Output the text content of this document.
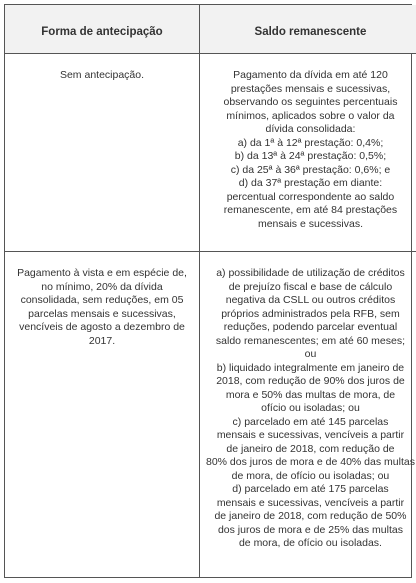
Forma de antecipação	Saldo remanescente
Sem antecipação.	Pagamento da dívida em até 120
prestações mensais e sucessivas,
observando os seguintes percentuais
mínimos, aplicados sobre o valor da
dívida consolidada:
a) da 1ª à 12ª prestação: 0,4%;
b) da 13ª à 24ª prestação: 0,5%;
c) da 25ª à 36ª prestação: 0,6%; e
d) da 37ª prestação em diante:
percentual correspondente ao saldo
remanescente, em até 84 prestações
mensais e sucessivas.
Pagamento à vista e em espécie de,
no mínimo, 20% da dívida
consolidada, sem reduções, em 05
parcelas mensais e sucessivas,
vencíveis de agosto a dezembro de
2017.
a) possibilidade de utilização de créditos
de prejuízo fiscal e base de cálculo
negativa da CSLL ou outros créditos
próprios administrados pela RFB, sem
reduções, podendo parcelar eventual
saldo remanescentes; em até 60 meses;
ou
b) liquidado integralmente em janeiro de
2018, com redução de 90% dos juros de
mora e 50% das multas de mora, de
ofício ou isoladas; ou
c) parcelado em até 145 parcelas
mensais e sucessivas, vencíveis a partir
de janeiro de 2018, com redução de
80% dos juros de mora e de 40% das multas
de mora, de ofício ou isoladas; ou
d) parcelado em até 175 parcelas
mensais e sucessivas, vencíveis a partir
de janeiro de 2018, com redução de 50%
dos juros de mora e de 25% das multas
de mora, de ofício ou isoladas.
